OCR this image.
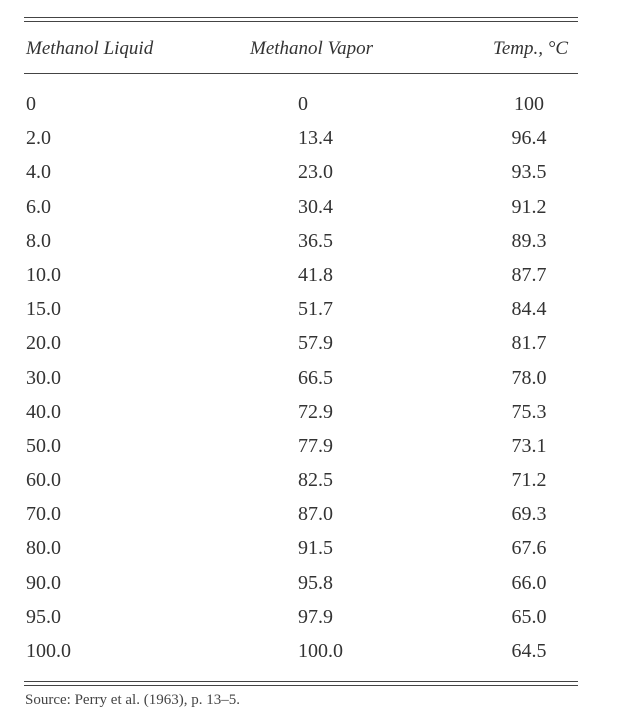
Methanol Liquid	Methanol Vapor	Temp., °C
0	0	100
2.0	13.4	96.4
4.0	23.0	93.5
6.0	30.4	91.2
8.0	36.5	89.3
10.0	41.8	87.7
15.0	51.7	84.4
20.0	57.9	81.7
30.0	66.5	78.0
40.0	72.9	75.3
50.0	77.9	73.1
60.0	82.5	71.2
70.0	87.0	69.3
80.0	91.5	67.6
90.0	95.8	66.0
95.0	97.9	65.0
100.0	100.0	64.5
Source: Perry et al. (1963), p. 13–5.
